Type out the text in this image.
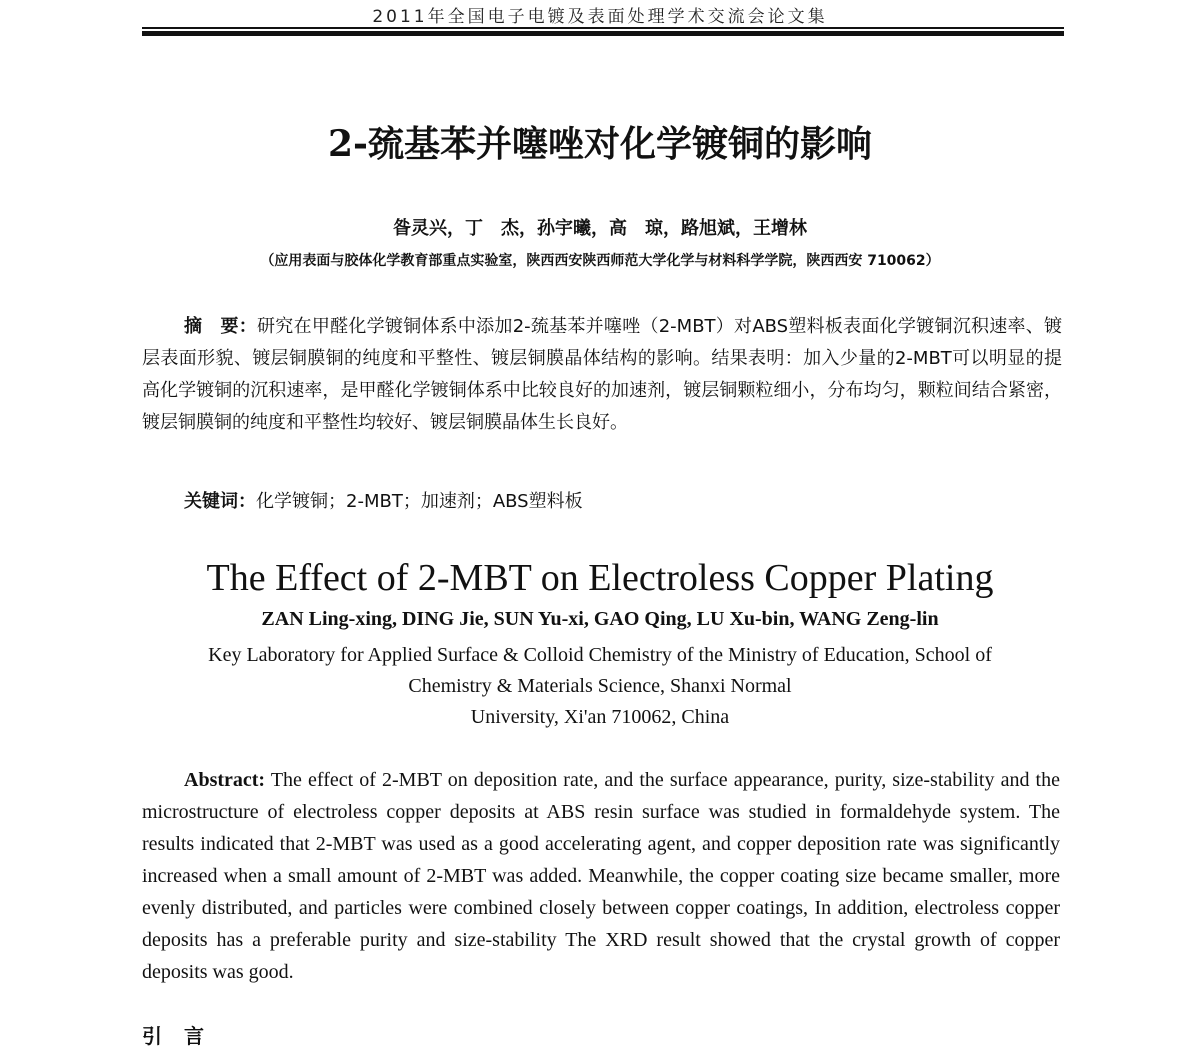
2011年全国电子电镀及表面处理学术交流会论文集
2-巯基苯并噻唑对化学镀铜的影响
昝灵兴，丁　杰，孙宇曦，高　琼，路旭斌，王增林
（应用表面与胶体化学教育部重点实验室，陕西西安陕西师范大学化学与材料科学学院，陕西西安 710062）
摘　要：研究在甲醛化学镀铜体系中添加2-巯基苯并噻唑（2-MBT）对ABS塑料板表面化学镀铜沉积速率、镀层表面形貌、镀层铜膜铜的纯度和平整性、镀层铜膜晶体结构的影响。结果表明：加入少量的2-MBT可以明显的提高化学镀铜的沉积速率，是甲醛化学镀铜体系中比较良好的加速剂，镀层铜颗粒细小，分布均匀，颗粒间结合紧密，镀层铜膜铜的纯度和平整性均较好、镀层铜膜晶体生长良好。
关键词：化学镀铜；2-MBT；加速剂；ABS塑料板
The Effect of 2-MBT on Electroless Copper Plating
ZAN Ling-xing, DING Jie, SUN Yu-xi, GAO Qing, LU Xu-bin, WANG Zeng-lin
Key Laboratory for Applied Surface & Colloid Chemistry of the Ministry of Education, School of
Chemistry & Materials Science, Shanxi Normal
University, Xi'an 710062, China
Abstract: The effect of 2-MBT on deposition rate, and the surface appearance, purity, size-stability and the microstructure of electroless copper deposits at ABS resin surface was studied in formaldehyde system. The results indicated that 2-MBT was used as a good accelerating agent, and copper deposition rate was significantly increased when a small amount of 2-MBT was added. Meanwhile, the copper coating size became smaller, more evenly distributed, and particles were combined closely between copper coatings, In addition, electroless copper deposits has a preferable purity and size-stability The XRD result showed that the crystal growth of copper deposits was good.
引言
